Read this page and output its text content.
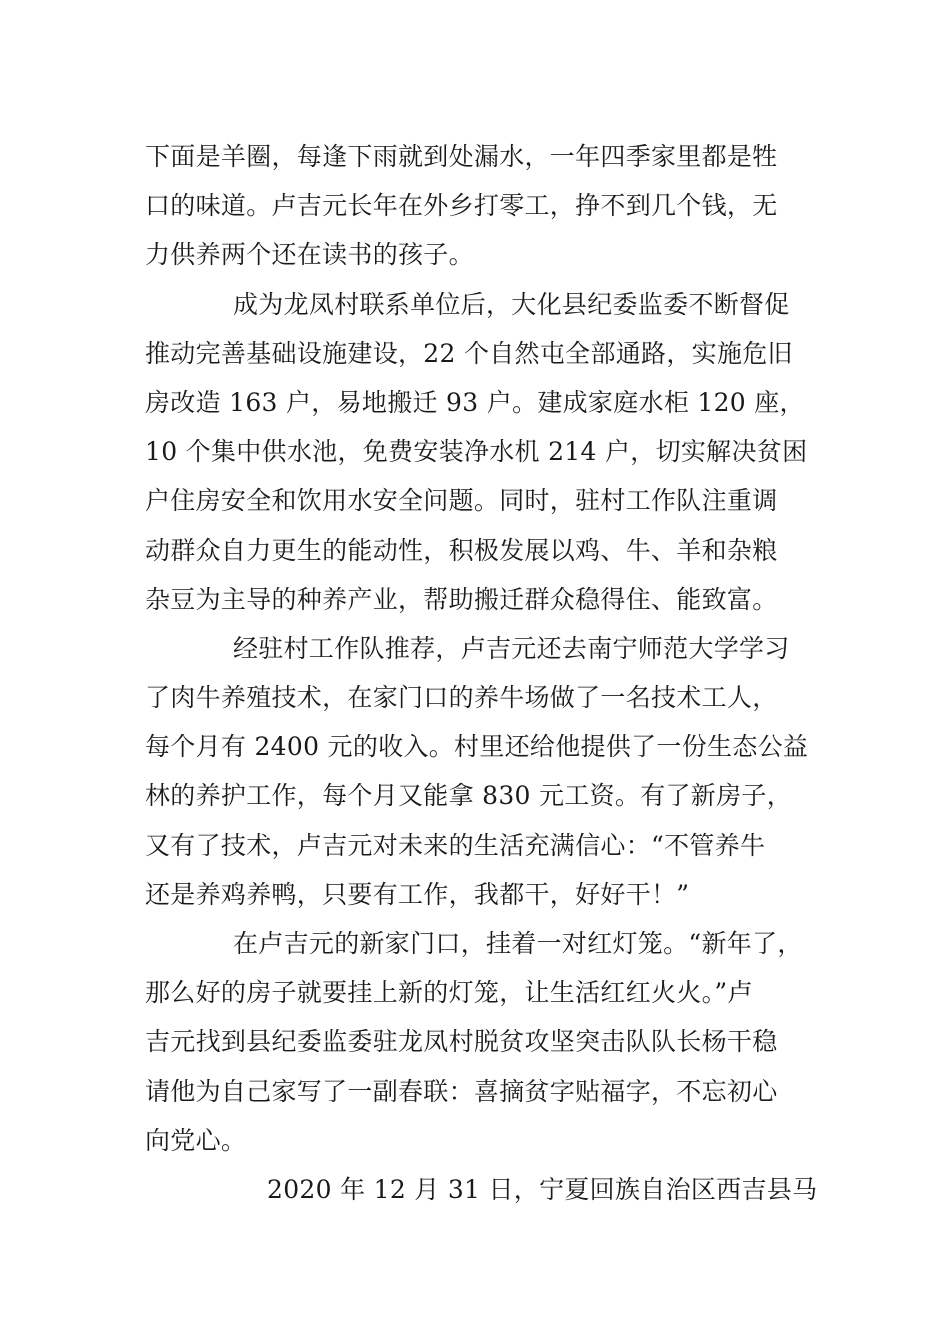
下面是羊圈，每逢下雨就到处漏水，一年四季家里都是牲
口的味道。卢吉元长年在外乡打零工，挣不到几个钱，无
力供养两个还在读书的孩子。
成为龙凤村联系单位后，大化县纪委监委不断督促
推动完善基础设施建设，22 个自然屯全部通路，实施危旧
房改造 163 户，易地搬迁 93 户。建成家庭水柜 120 座，
10 个集中供水池，免费安装净水机 214 户，切实解决贫困
户住房安全和饮用水安全问题。同时，驻村工作队注重调
动群众自力更生的能动性，积极发展以鸡、牛、羊和杂粮
杂豆为主导的种养产业，帮助搬迁群众稳得住、能致富。
经驻村工作队推荐，卢吉元还去南宁师范大学学习
了肉牛养殖技术，在家门口的养牛场做了一名技术工人，
每个月有 2400 元的收入。村里还给他提供了一份生态公益
林的养护工作，每个月又能拿 830 元工资。有了新房子，
又有了技术，卢吉元对未来的生活充满信心：“不管养牛
还是养鸡养鸭，只要有工作，我都干，好好干！”
在卢吉元的新家门口，挂着一对红灯笼。“新年了，
那么好的房子就要挂上新的灯笼，让生活红红火火。”卢
吉元找到县纪委监委驻龙凤村脱贫攻坚突击队队长杨干稳
请他为自己家写了一副春联：喜摘贫字贴福字，不忘初心
向党心。
2020 年 12 月 31 日，宁夏回族自治区西吉县马
